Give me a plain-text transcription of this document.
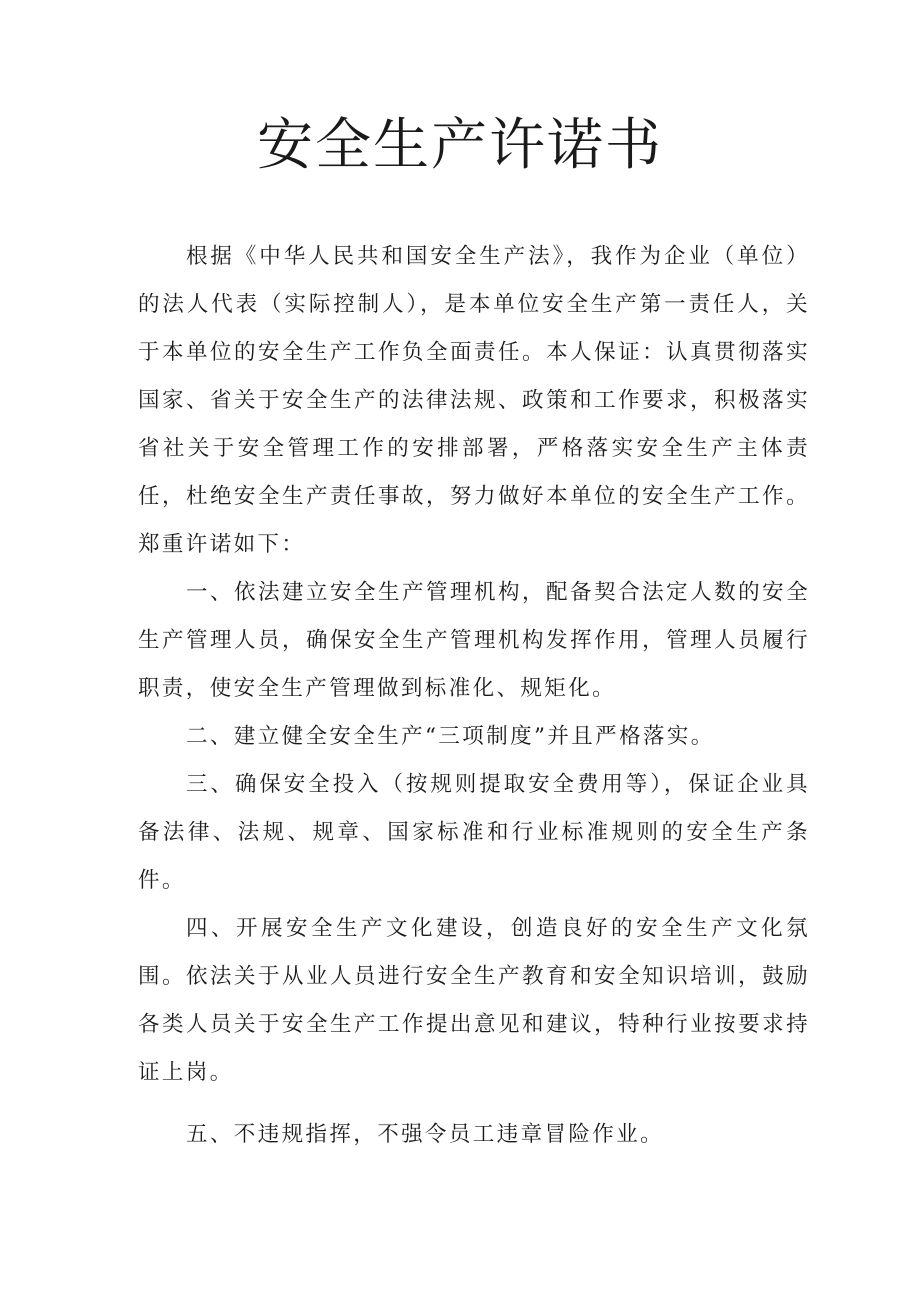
安全生产许诺书

根据《中华人民共和国安全生产法》，我作为企业（单位）的法人代表（实际控制人），是本单位安全生产第一责任人，关于本单位的安全生产工作负全面责任。本人保证：认真贯彻落实国家、省关于安全生产的法律法规、政策和工作要求，积极落实省社关于安全管理工作的安排部署，严格落实安全生产主体责任，杜绝安全生产责任事故，努力做好本单位的安全生产工作。郑重许诺如下：

一、依法建立安全生产管理机构，配备契合法定人数的安全生产管理人员，确保安全生产管理机构发挥作用，管理人员履行职责，使安全生产管理做到标准化、规矩化。

二、建立健全安全生产“三项制度”并且严格落实。

三、确保安全投入（按规则提取安全费用等），保证企业具备法律、法规、规章、国家标准和行业标准规则的安全生产条件。

四、开展安全生产文化建设，创造良好的安全生产文化氛围。依法关于从业人员进行安全生产教育和安全知识培训，鼓励各类人员关于安全生产工作提出意见和建议，特种行业按要求持证上岗。

五、不违规指挥，不强令员工违章冒险作业。
